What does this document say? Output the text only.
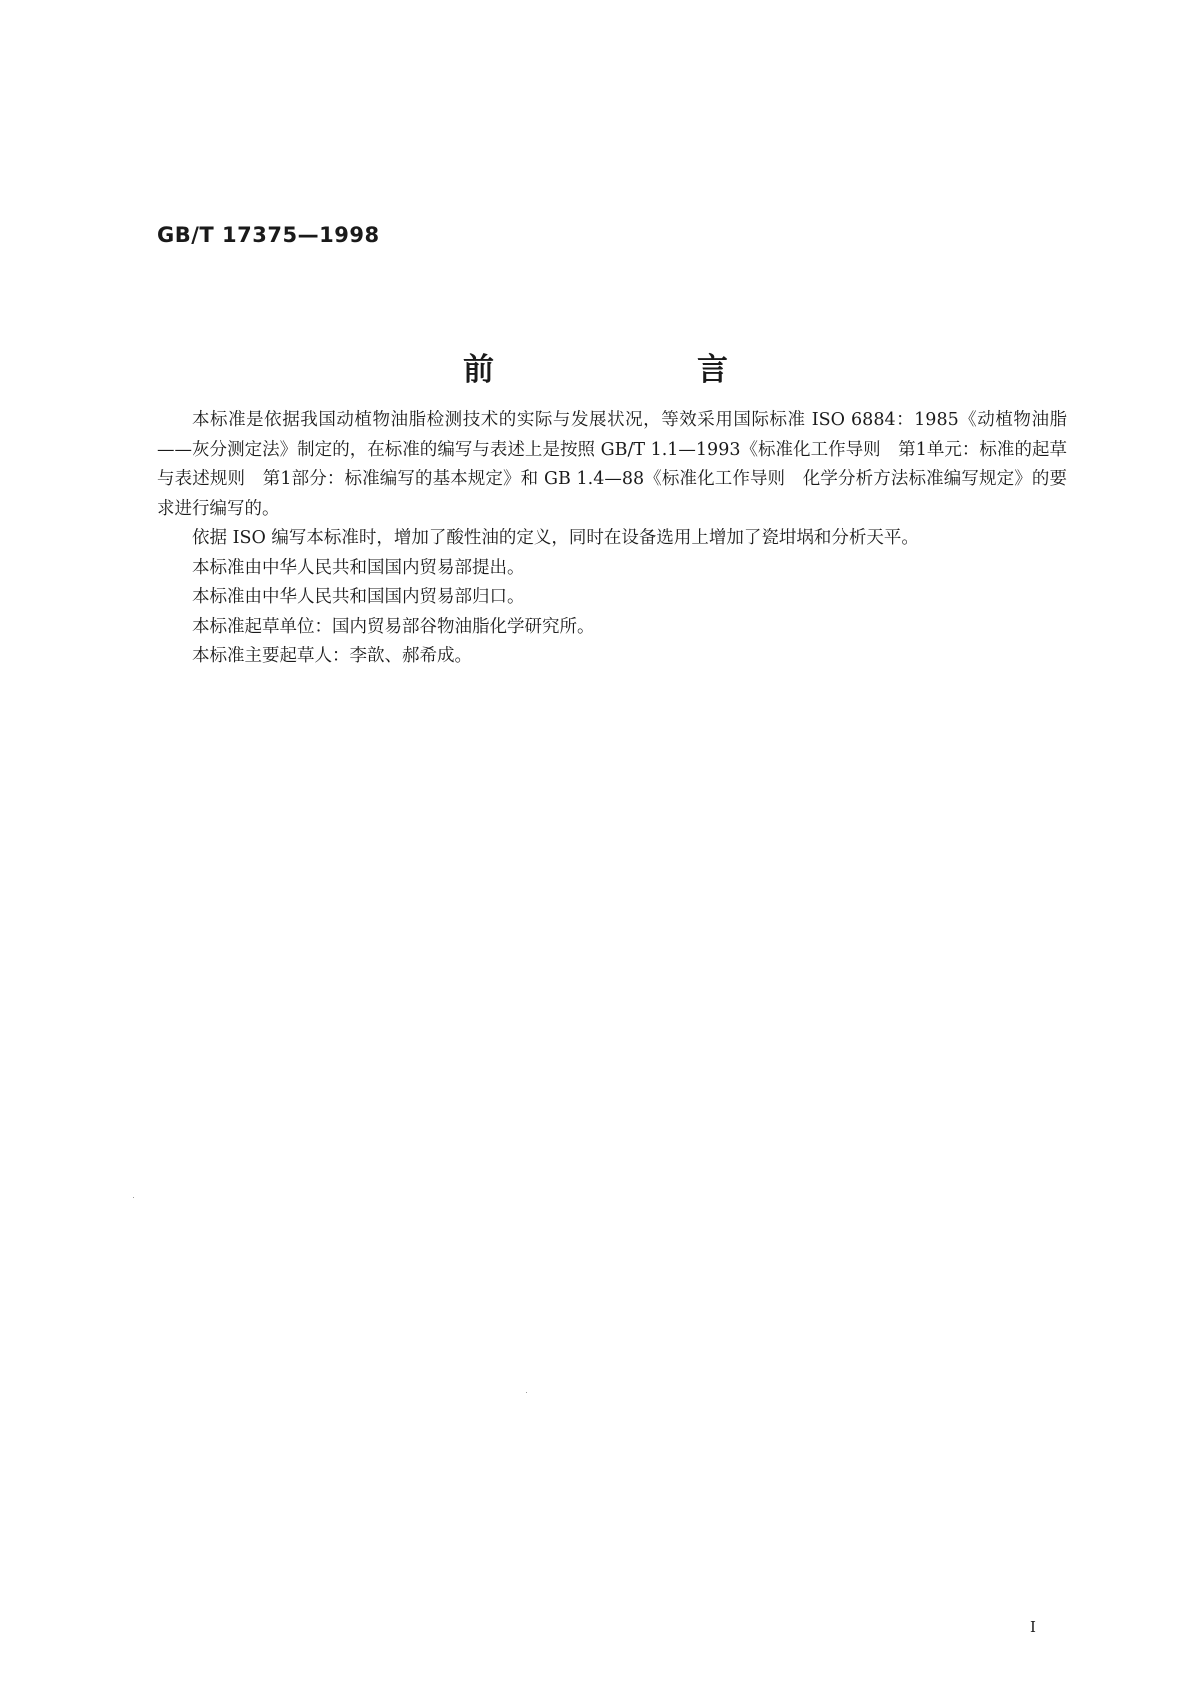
GB/T 17375—1998
前　言

本标准是依据我国动植物油脂检测技术的实际与发展状况，等效采用国际标准 ISO 6884：1985《动植物油脂——灰分测定法》制定的，在标准的编写与表述上是按照 GB/T 1.1—1993《标准化工作导则　第1单元：标准的起草与表述规则　第1部分：标准编写的基本规定》和 GB 1.4—88《标准化工作导则　化学分析方法标准编写规定》的要求进行编写的。

依据 ISO 编写本标准时，增加了酸性油的定义，同时在设备选用上增加了瓷坩埚和分析天平。

本标准由中华人民共和国国内贸易部提出。

本标准由中华人民共和国国内贸易部归口。

本标准起草单位：国内贸易部谷物油脂化学研究所。

本标准主要起草人：李歆、郝希成。

I
